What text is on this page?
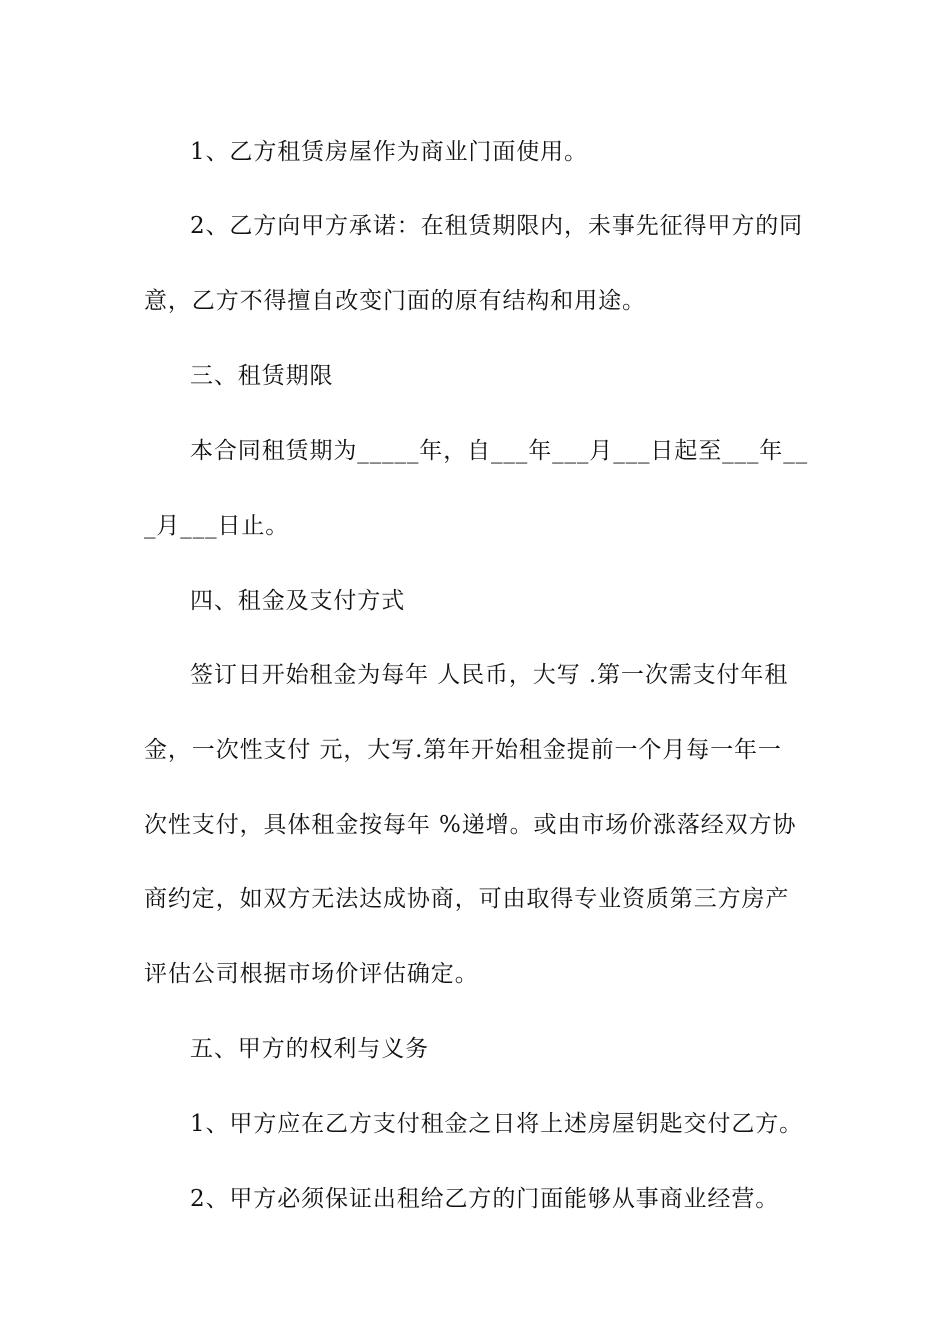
1、乙方租赁房屋作为商业门面使用。
2、乙方向甲方承诺：在租赁期限内，未事先征得甲方的同
意，乙方不得擅自改变门面的原有结构和用途。
三、租赁期限
本合同租赁期为_____年，自___年___月___日起至___年__
_月___日止。
四、租金及支付方式
签订日开始租金为每年 人民币，大写 .第一次需支付年租
金，一次性支付 元，大写.第年开始租金提前一个月每一年一
次性支付，具体租金按每年 %递增。或由市场价涨落经双方协
商约定，如双方无法达成协商，可由取得专业资质第三方房产
评估公司根据市场价评估确定。
五、甲方的权利与义务
1、甲方应在乙方支付租金之日将上述房屋钥匙交付乙方。
2、甲方必须保证出租给乙方的门面能够从事商业经营。
